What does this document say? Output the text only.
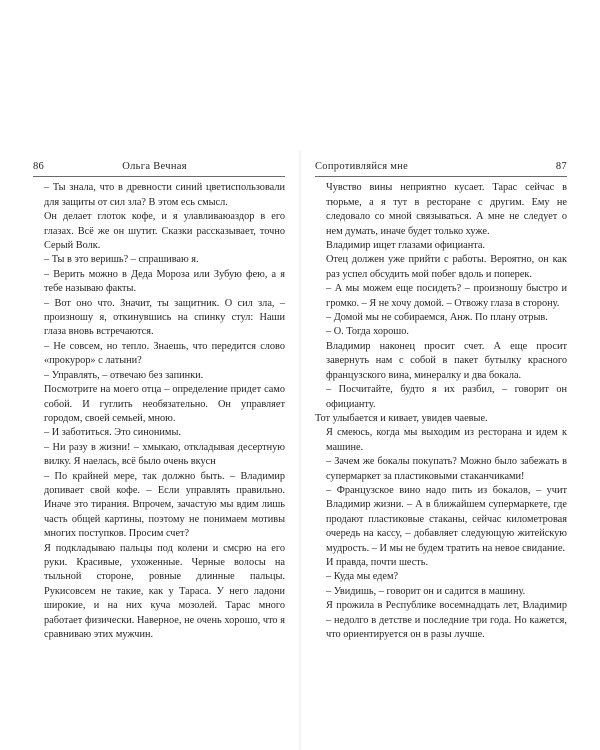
86	Ольга Вечная

– Ты знала, что в древности синий цветиспользовали для защиты от сил зла? В этом есь смысл.

Он делает глоток кофе, и я улавливаюаздор в его глазах. Всё же он шутит. Сказки рассказывает, точно Серый Волк.

– Ты в это веришь? – спрашиваю я.

– Верить можно в Деда Мороза или Зубую фею, а я тебе называю факты.

– Вот оно что. Значит, ты защитник. О сил зла, – произношу я, откинувшись на спинку стул: Наши глаза вновь встречаются.

– Не совсем, но тепло. Знаешь, что передится слово «прокурор» с латыни?

– Управлять, – отвечаю без запинки.

Посмотрите на моего отца – определение придет само собой. И гуглить необязательно. Он управляет городом, своей семьей, мною.

– И заботиться. Это синонимы.

– Ни разу в жизни! – хмыкаю, откладывая десертную вилку. Я наелась, всё было очень вкусн

– По крайней мере, так должно быть. – Владимир допивает свой кофе. – Если управлять правильно. Иначе это тирания. Впрочем, зачастую мы вдим лишь часть общей картины, поэтому не понимаем мотивы многих поступков. Просим счет?

Я подкладываю пальцы под колени и смсрю на его руки. Красивые, ухоженные. Черные волосы на тыльной стороне, ровные длинные пальцы. Рукисовсем не такие, как у Тараса. У него ладони широкие, и на них куча мозолей. Тарас много работает физически. Наверное, не очень хорошо, что я сравниваю этих мужчин.

Сопротивляйся мне	87

Чувство вины неприятно кусает. Тарас сейчас в тюрьме, а я тут в ресторане с другим. Ему не следовало со мной связываться. А мне не следует о нем думать, иначе будет только хуже.

Владимир ищет глазами официанта.

Отец должен уже прийти с работы. Вероятно, он как раз успел обсудить мой побег вдоль и поперек.

– А мы можем еще посидеть? – произношу быстро и громко. – Я не хочу домой. – Отвожу глаза в сторону.

– Домой мы не собираемся, Анж. По плану отрыв.

– О. Тогда хорошо.

Владимир наконец просит счет. А еще просит завернуть нам с собой в пакет бутылку красного французского вина, минералку и два бокала.

– Посчитайте, будто я их разбил, – говорит он официанту.

Тот улыбается и кивает, увидев чаевые.

Я смеюсь, когда мы выходим из ресторана и идем к машине.

– Зачем же бокалы покупать? Можно было забежать в супермаркет за пластиковыми стаканчиками!

– Французское вино надо пить из бокалов, – учит Владимир жизни. – А в ближайшем супермаркете, где продают пластиковые стаканы, сейчас километровая очередь на кассу, – добавляет следующую житейскую мудрость. – И мы не будем тратить на невое свидание.

И правда, почти шесть.

– Куда мы едем?

– Увидишь, – говорит он и садится в машину.

Я прожила в Республике восемнадцать лет, Владимир – недолго в детстве и последние три года. Но кажется, что ориентируется он в разы лучше.
